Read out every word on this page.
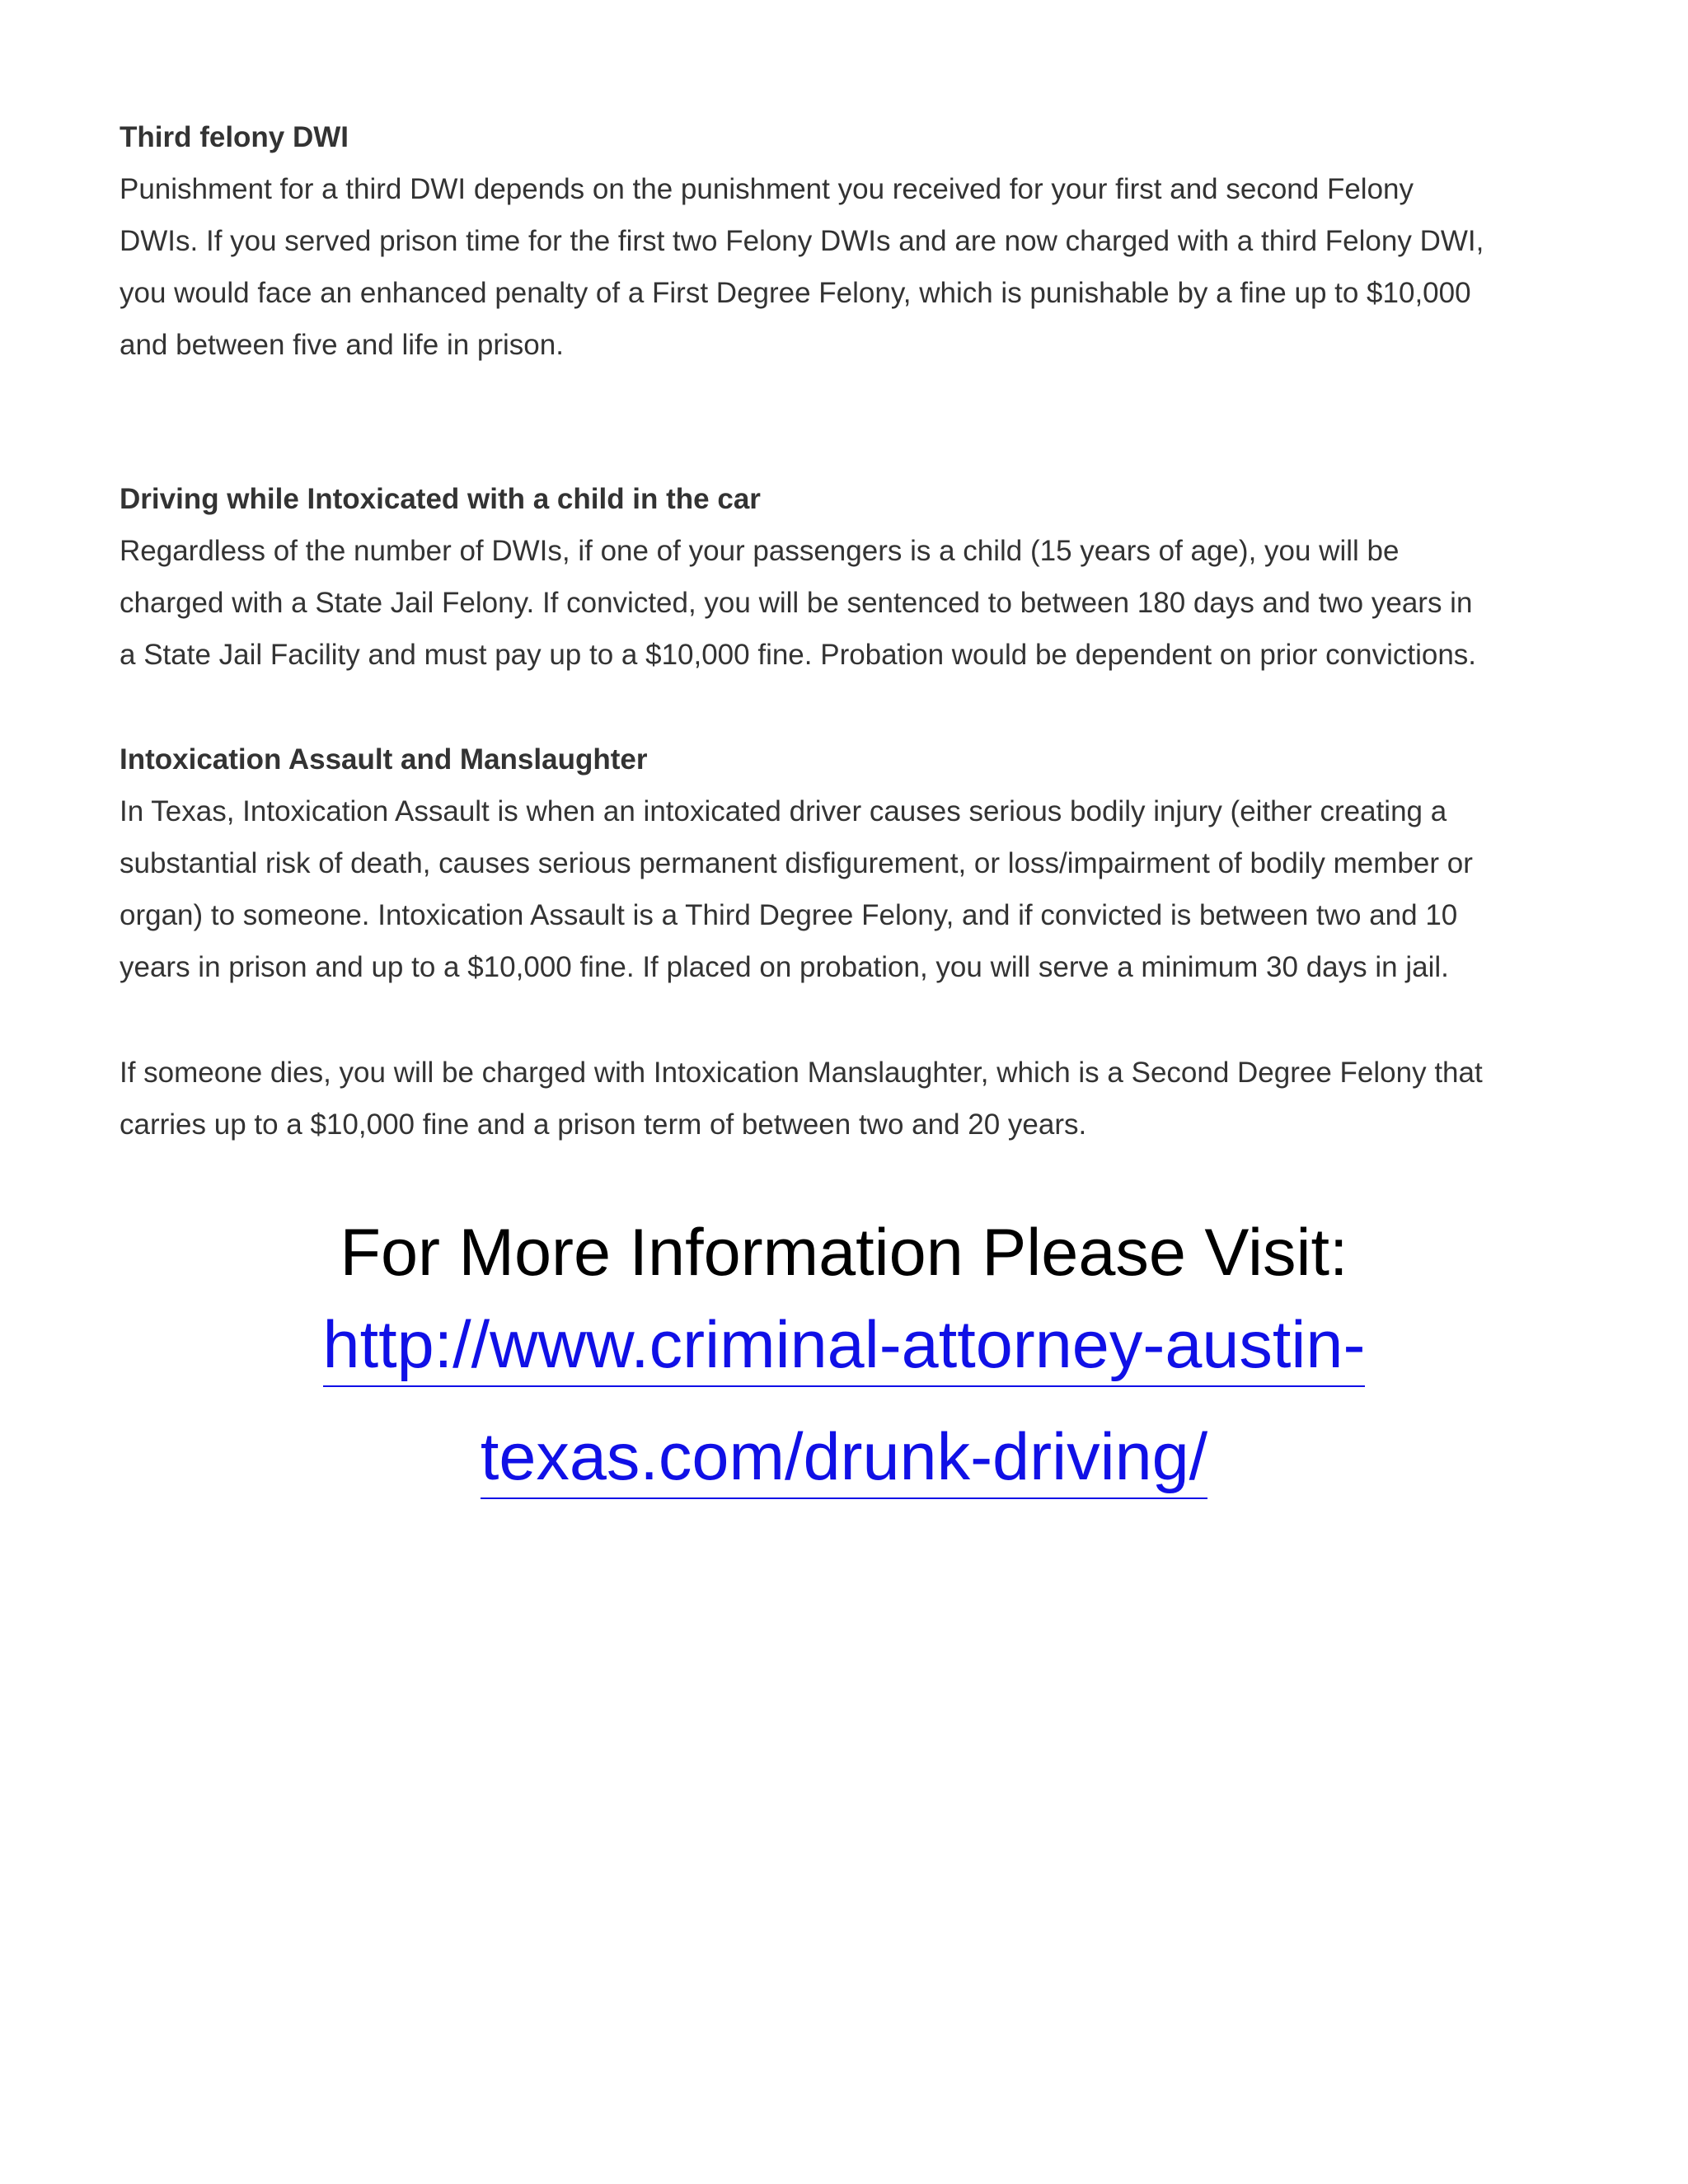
Third felony DWI

Punishment for a third DWI depends on the punishment you received for your first and second Felony
DWIs. If you served prison time for the first two Felony DWIs and are now charged with a third Felony DWI,
you would face an enhanced penalty of a First Degree Felony, which is punishable by a fine up to $10,000
and between five and life in prison.

Driving while Intoxicated with a child in the car

Regardless of the number of DWIs, if one of your passengers is a child (15 years of age), you will be
charged with a State Jail Felony. If convicted, you will be sentenced to between 180 days and two years in
a State Jail Facility and must pay up to a $10,000 fine. Probation would be dependent on prior convictions.

Intoxication Assault and Manslaughter

In Texas, Intoxication Assault is when an intoxicated driver causes serious bodily injury (either creating a
substantial risk of death, causes serious permanent disfigurement, or loss/impairment of bodily member or
organ) to someone. Intoxication Assault is a Third Degree Felony, and if convicted is between two and 10
years in prison and up to a $10,000 fine. If placed on probation, you will serve a minimum 30 days in jail.

If someone dies, you will be charged with Intoxication Manslaughter, which is a Second Degree Felony that
carries up to a $10,000 fine and a prison term of between two and 20 years.

For More Information Please Visit:
http://www.criminal-attorney-austin-
texas.com/drunk-driving/
